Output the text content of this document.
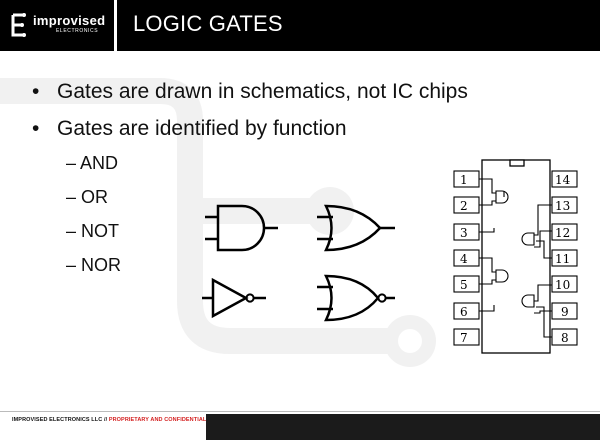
improvised
ELECTRONICS LOGIC GATES
• Gates are drawn in schematics, not IC chips
• Gates are identified by function
– AND
– OR
– NOT
– NOR
1
2
3
4
5
6
7
14
13
12
11
10
9
8
IMPROVISED ELECTRONICS LLC // PROPRIETARY AND CONFIDENTIAL
